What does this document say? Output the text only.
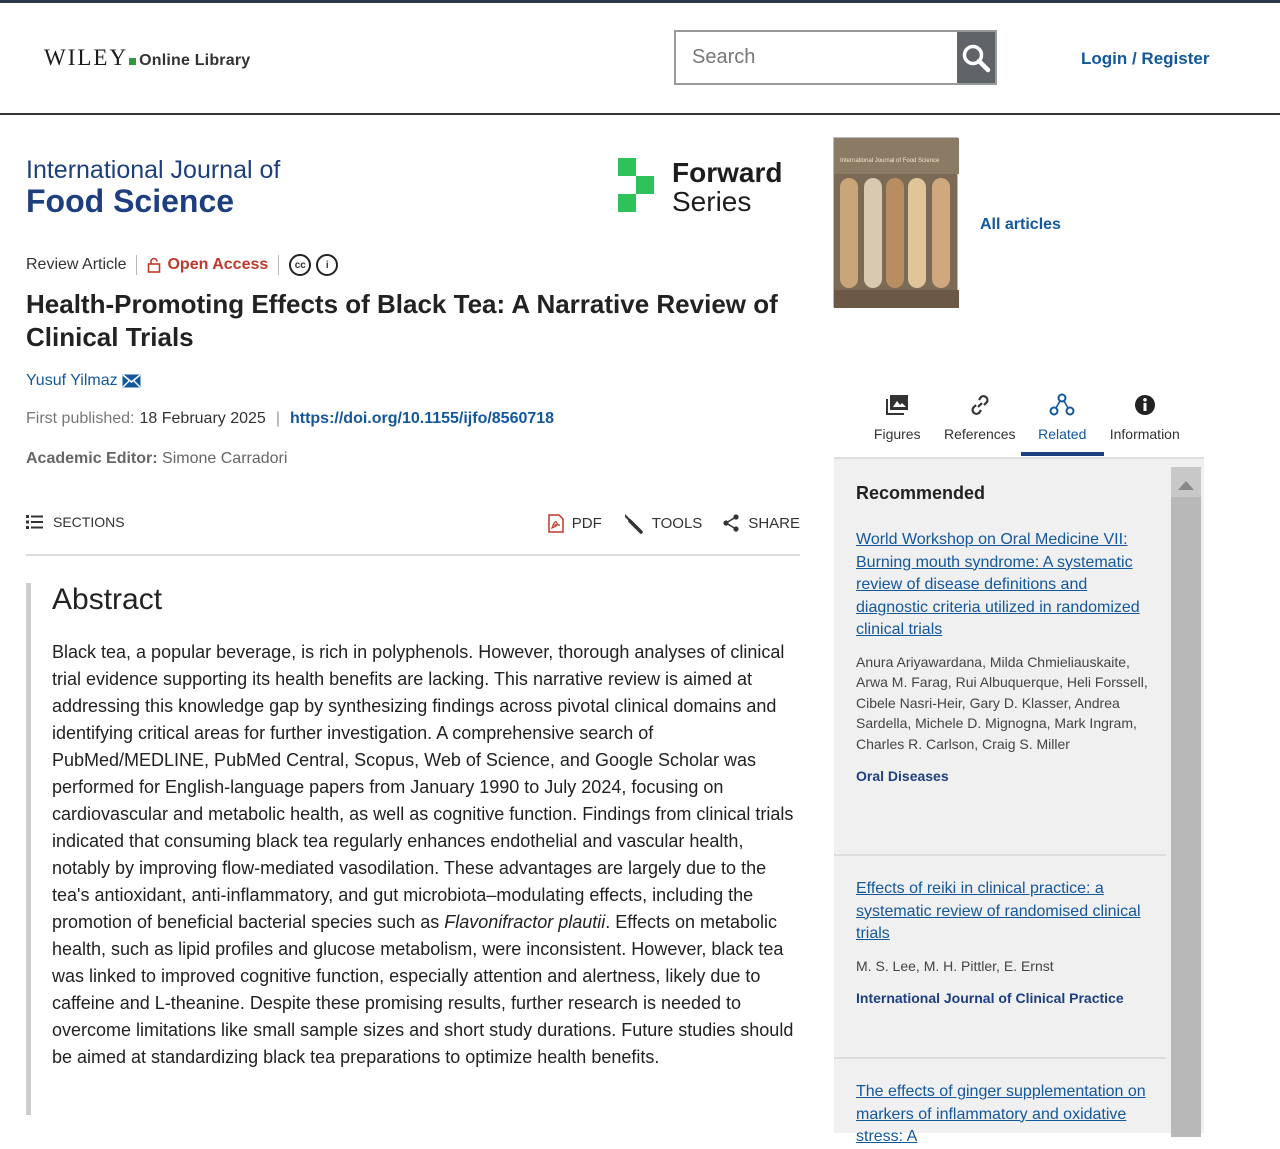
WILEY Online Library
Search	Login / Register
International Journal of
Food Science
Forward
Series
Review Article	Open Access	cc	i
Health-Promoting Effects of Black Tea: A Narrative Review of Clinical Trials
Yusuf Yilmaz
First published: 18 February 2025 | https://doi.org/10.1155/ijfo/8560718
Academic Editor: Simone Carradori
SECTIONS	PDF	TOOLS	SHARE
Abstract

Black tea, a popular beverage, is rich in polyphenols. However, thorough analyses of clinical trial evidence supporting its health benefits are lacking. This narrative review is aimed at addressing this knowledge gap by synthesizing findings across pivotal clinical domains and identifying critical areas for further investigation. A comprehensive search of PubMed/MEDLINE, PubMed Central, Scopus, Web of Science, and Google Scholar was performed for English-language papers from January 1990 to July 2024, focusing on cardiovascular and metabolic health, as well as cognitive function. Findings from clinical trials indicated that consuming black tea regularly enhances endothelial and vascular health, notably by improving flow-mediated vasodilation. These advantages are largely due to the tea's antioxidant, anti-inflammatory, and gut microbiota–modulating effects, including the promotion of beneficial bacterial species such as Flavonifractor plautii. Effects on metabolic health, such as lipid profiles and glucose metabolism, were inconsistent. However, black tea was linked to improved cognitive function, especially attention and alertness, likely due to caffeine and L-theanine. Despite these promising results, further research is needed to overcome limitations like small sample sizes and short study durations. Future studies should be aimed at standardizing black tea preparations to optimize health benefits.

International Journal of Food Science
All articles
Figures References Related Information
Recommended
World Workshop on Oral Medicine VII: Burning mouth syndrome: A systematic review of disease definitions and diagnostic criteria utilized in randomized clinical trials
Anura Ariyawardana, Milda Chmieliauskaite, Arwa M. Farag, Rui Albuquerque, Heli Forssell, Cibele Nasri-Heir, Gary D. Klasser, Andrea Sardella, Michele D. Mignogna, Mark Ingram, Charles R. Carlson, Craig S. Miller
Oral Diseases
Effects of reiki in clinical practice: a systematic review of randomised clinical trials
M. S. Lee, M. H. Pittler, E. Ernst
International Journal of Clinical Practice
The effects of ginger supplementation on markers of inflammatory and oxidative stress: A
